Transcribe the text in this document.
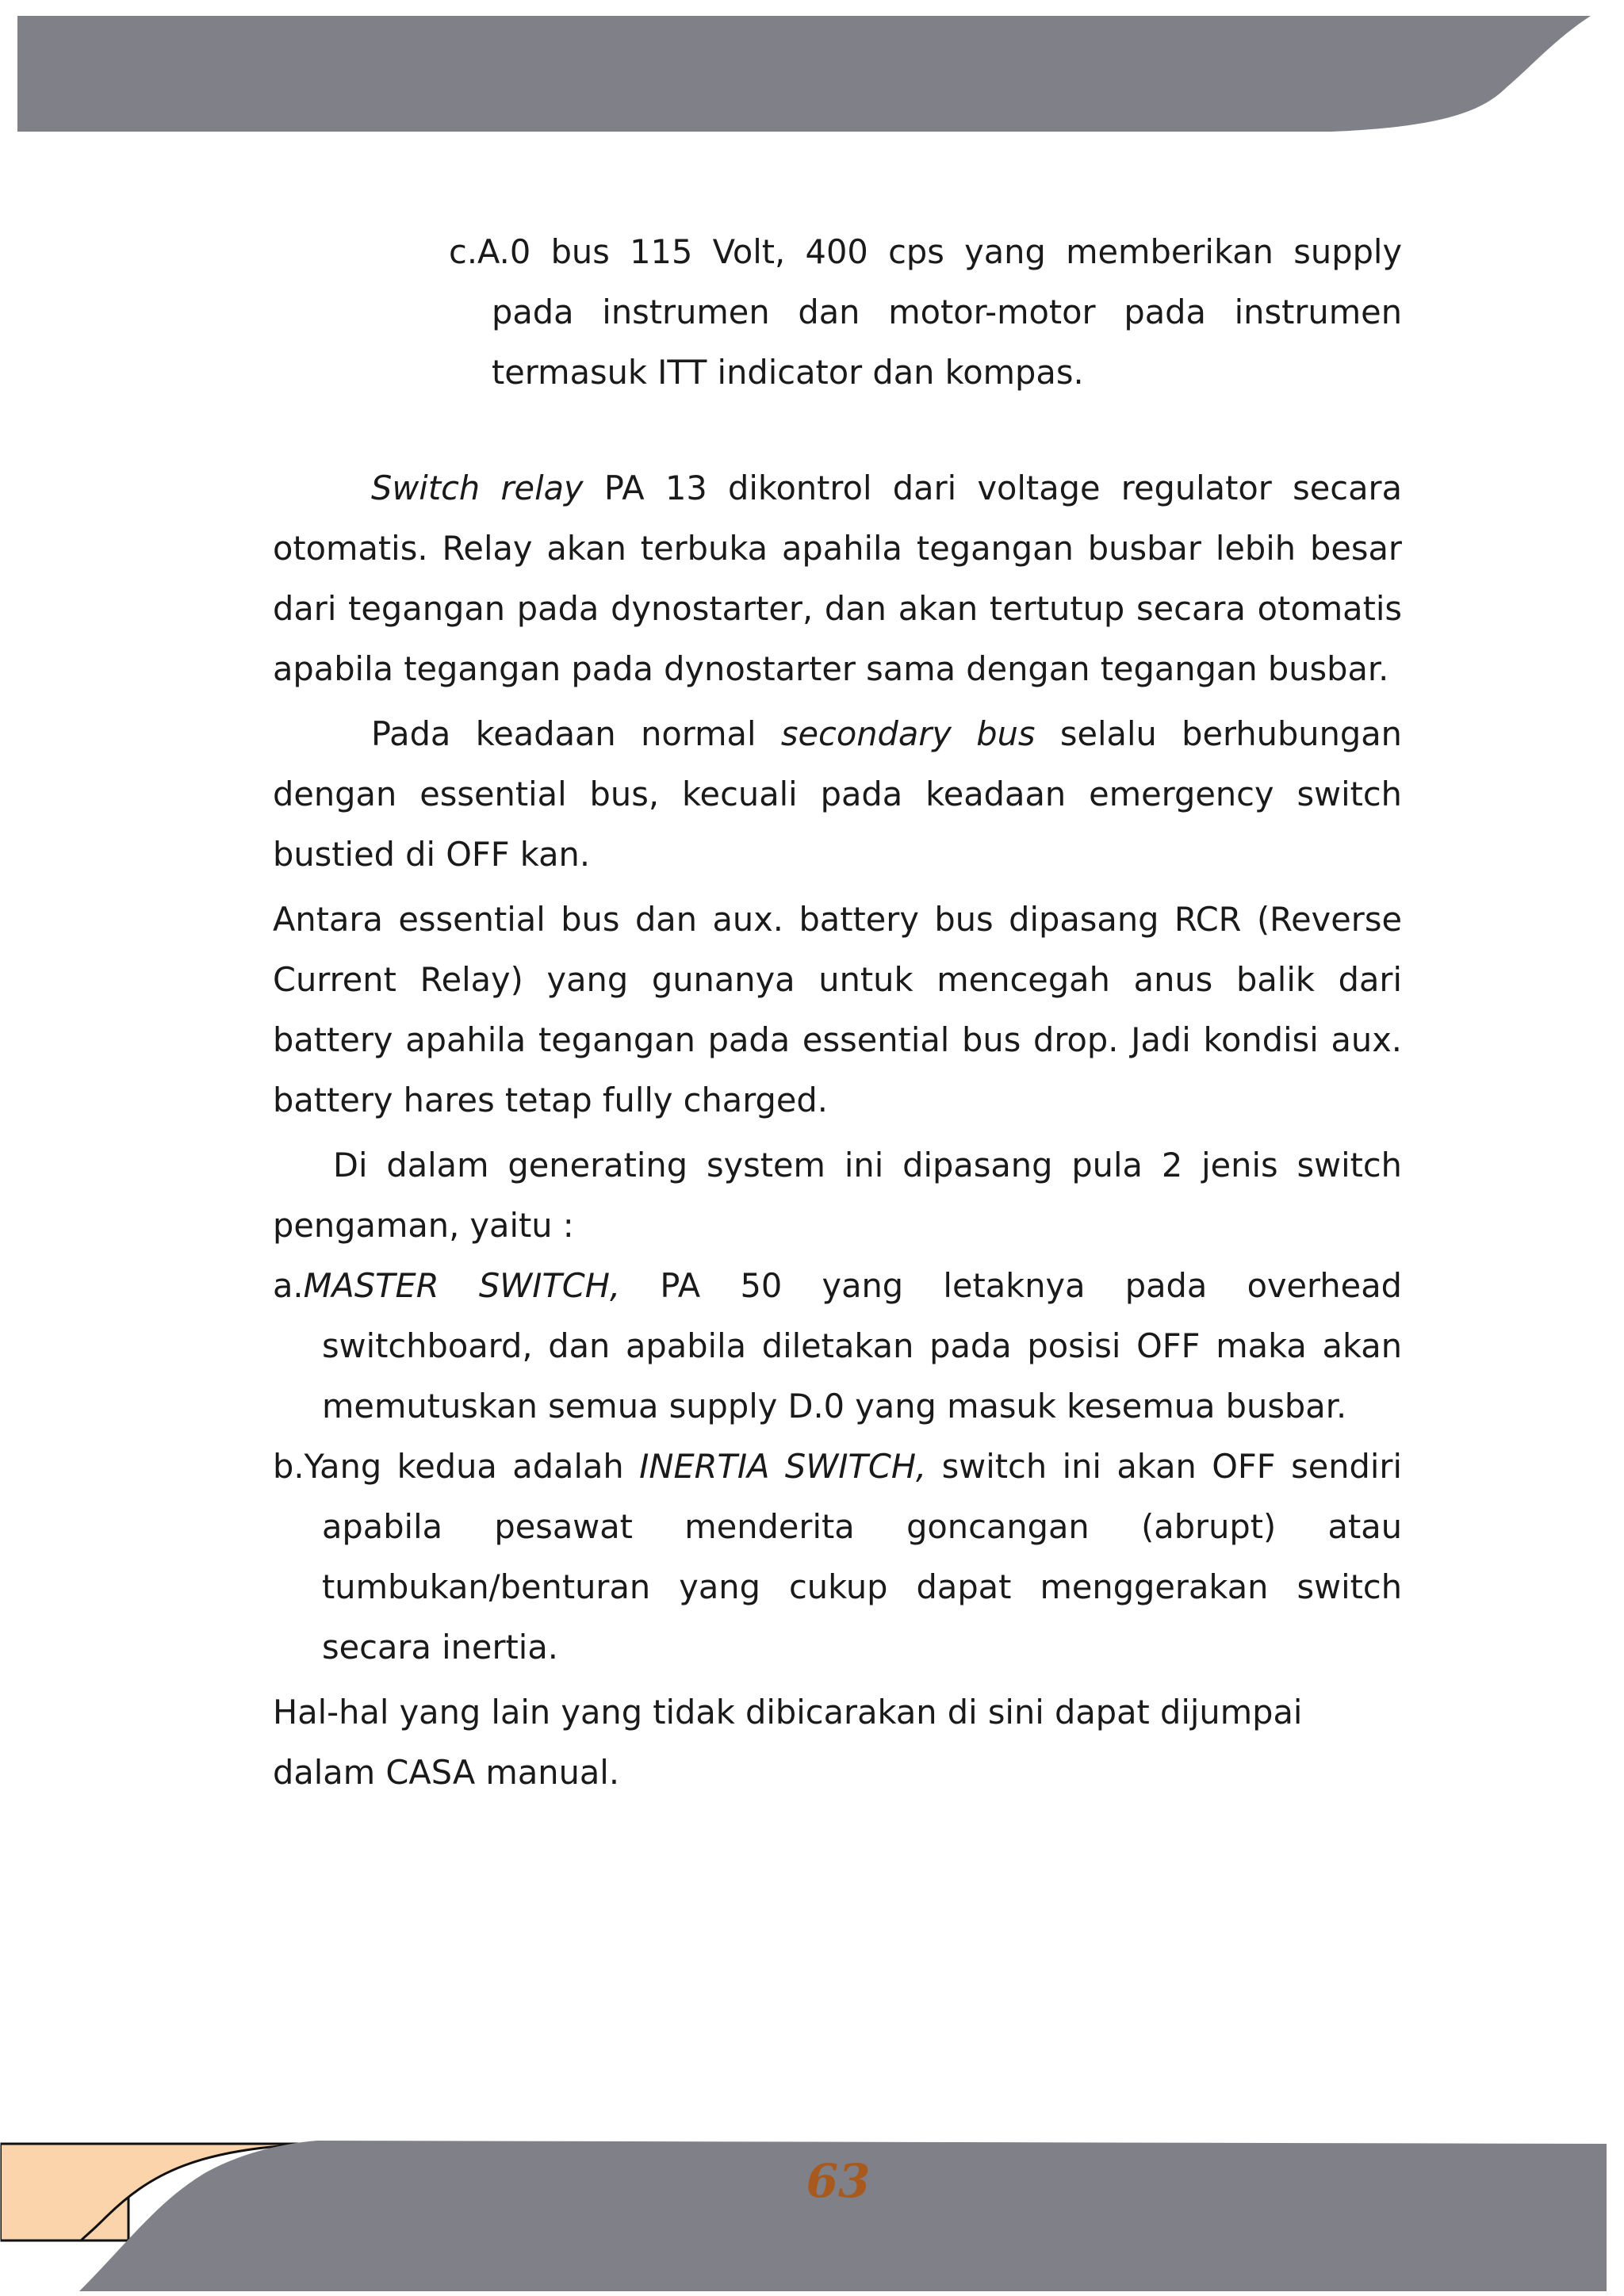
c.A.0 bus 115 Volt, 400 cps yang memberikan supply pada instrumen dan motor-motor pada instrumen termasuk ITT indicator dan kompas.

Switch relay PA 13 dikontrol dari voltage regulator secara otomatis. Relay akan terbuka apahila tegangan busbar lebih besar dari tegangan pada dynostarter, dan akan tertutup secara otomatis apabila tegangan pada dynostarter sama dengan tegangan busbar.

Pada keadaan normal secondary bus selalu berhubungan dengan essential bus, kecuali pada keadaan emergency switch bustied di OFF kan.

Antara essential bus dan aux. battery bus dipasang RCR (Reverse Current Relay) yang gunanya untuk mencegah anus balik dari battery apahila tegangan pada essential bus drop. Jadi kondisi aux. battery hares tetap fully charged.

Di dalam generating system ini dipasang pula 2 jenis switch pengaman, yaitu :

a.MASTER SWITCH, PA 50 yang letaknya pada overhead switchboard, dan apabila diletakan pada posisi OFF maka akan memutuskan semua supply D.0 yang masuk kesemua busbar.

b.Yang kedua adalah INERTIA SWITCH, switch ini akan OFF sendiri apabila pesawat menderita goncangan (abrupt) atau tumbukan/benturan yang cukup dapat menggerakan switch secara inertia.

Hal-hal yang lain yang tidak dibicarakan di sini dapat dijumpai dalam CASA manual.

63
